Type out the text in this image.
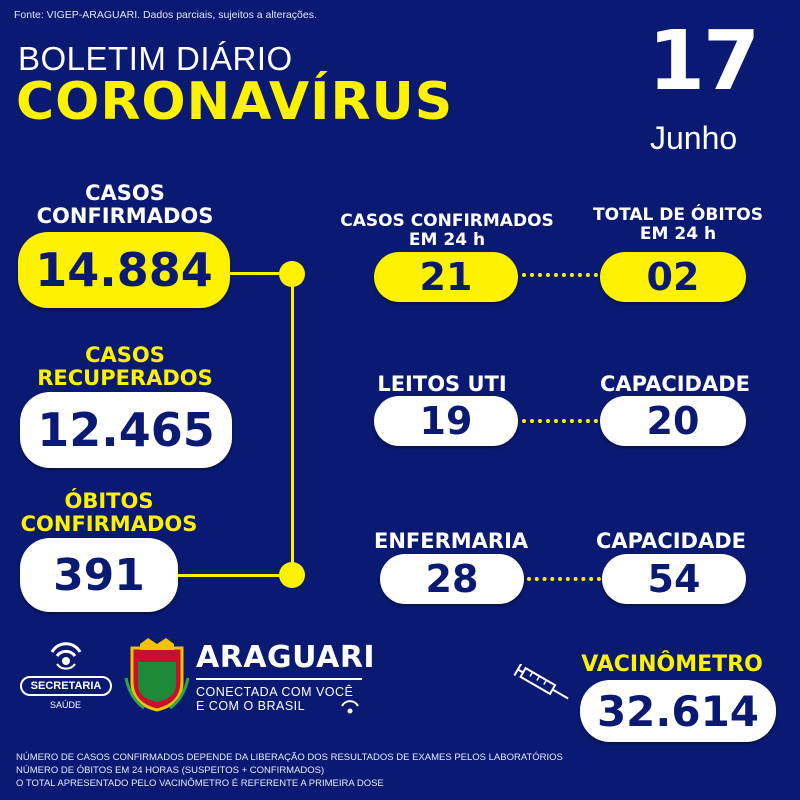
Fonte: VIGEP-ARAGUARI. Dados parciais, sujeitos a alterações.
BOLETIM DIÁRIO
CORONAVÍRUS 17
Junho
CASOS
CONFIRMADOS
14.884
CASOS
RECUPERADOS
12.465
ÓBITOS
CONFIRMADOS
391
CASOS CONFIRMADOS
EM 24 h
21
TOTAL DE ÓBITOS
EM 24 h
02
LEITOS UTI
19
CAPACIDADE
20
ENFERMARIA
28
CAPACIDADE
54
SECRETARIA
SAÚDE
ARAGUARI
CONECTADA COM VOCÊ
E COM O BRASIL
VACINÔMETRO
32.614
NÚMERO DE CASOS CONFIRMADOS DEPENDE DA LIBERAÇÃO DOS RESULTADOS DE EXAMES PELOS LABORATÓRIOS
NÚMERO DE ÓBITOS EM 24 HORAS (SUSPEITOS + CONFIRMADOS)
O TOTAL APRESENTADO PELO VACINÔMETRO É REFERENTE A PRIMEIRA DOSE
